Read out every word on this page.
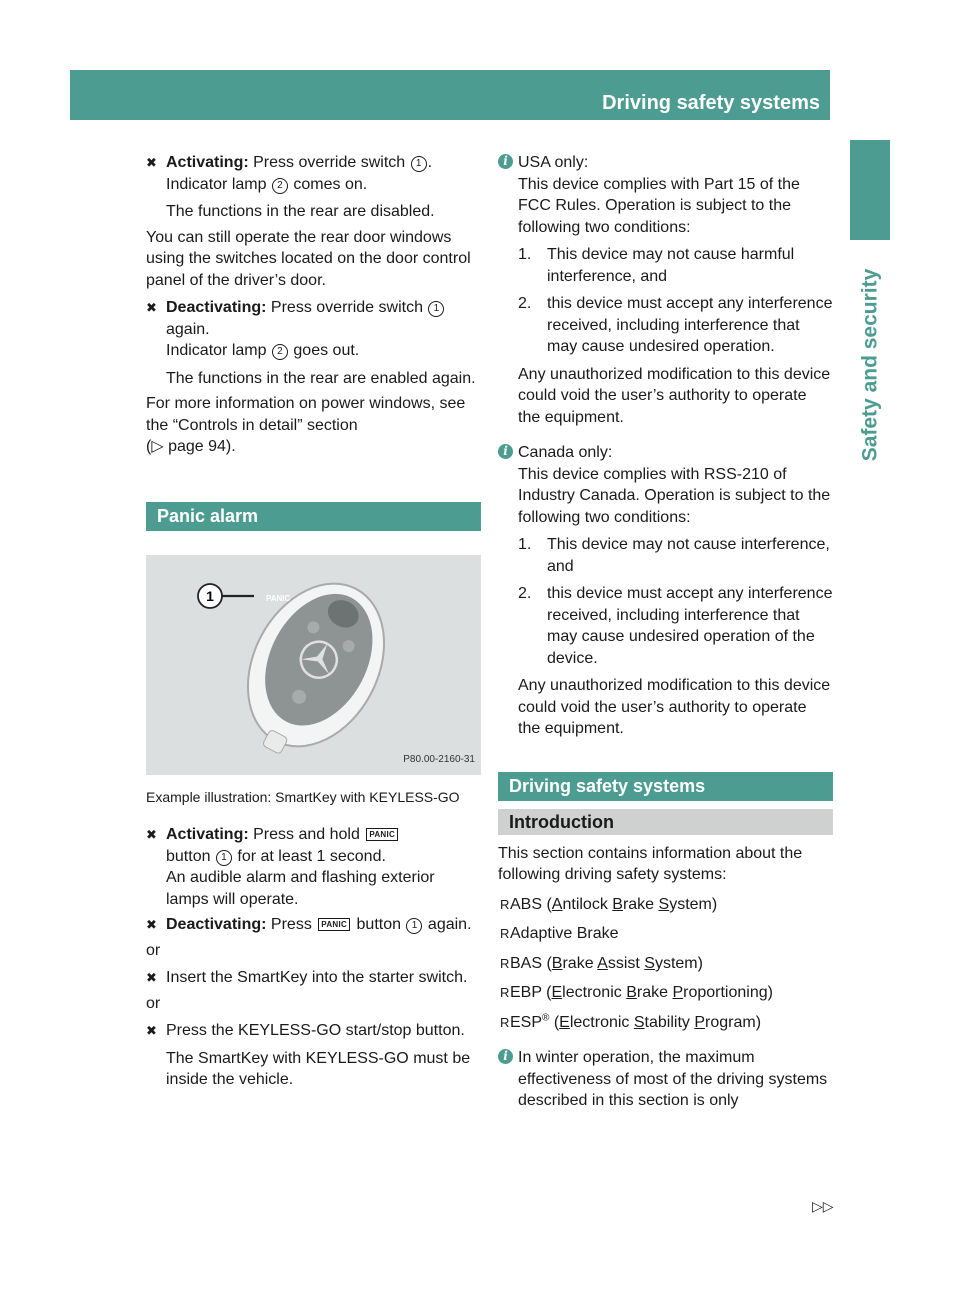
Driving safety systems 57
Safety and security
✖ Activating: Press override switch 1 .
Indicator lamp 2 comes on.

The functions in the rear are disabled.

You can still operate the rear door windows using the switches located on the door control panel of the driver’s door.

✖ Deactivating: Press override switch 1
again.
Indicator lamp 2 goes out.

The functions in the rear are enabled again.

For more information on power windows, see the “Controls in detail” section
(▷ page 94).

Panic alarm
1	PANIC
P80.00-2160-31

Example illustration: SmartKey with KEYLESS-GO

✖ Activating: Press and hold PANIC
button 1 for at least 1 second.
An audible alarm and flashing exterior lamps will operate.

✖ Deactivating: Press PANIC button 1 again.

or

✖ Insert the SmartKey into the starter switch.

or

✖ Press the KEYLESS-GO start/stop button.

The SmartKey with KEYLESS-GO must be inside the vehicle.

i USA only:

This device complies with Part 15 of the FCC Rules. Operation is subject to the following two conditions:

1. This device may not cause harmful interference, and
2. this device must accept any interference received, including interference that may cause undesired operation.

Any unauthorized modification to this device could void the user’s authority to operate the equipment.

i Canada only:

This device complies with RSS-210 of Industry Canada. Operation is subject to the following two conditions:

1. This device may not cause interference, and
2. this device must accept any interference received, including interference that may cause undesired operation of the device.

Any unauthorized modification to this device could void the user’s authority to operate the equipment.

Driving safety systems
Introduction

This section contains information about the following driving safety systems:

R ABS (Antilock Brake System)
R Adaptive Brake
R BAS (Brake Assist System)
R EBP (Electronic Brake Proportioning)
R ESP® (Electronic Stability Program)
i In winter operation, the maximum effectiveness of most of the driving systems described in this section is only

▷▷
